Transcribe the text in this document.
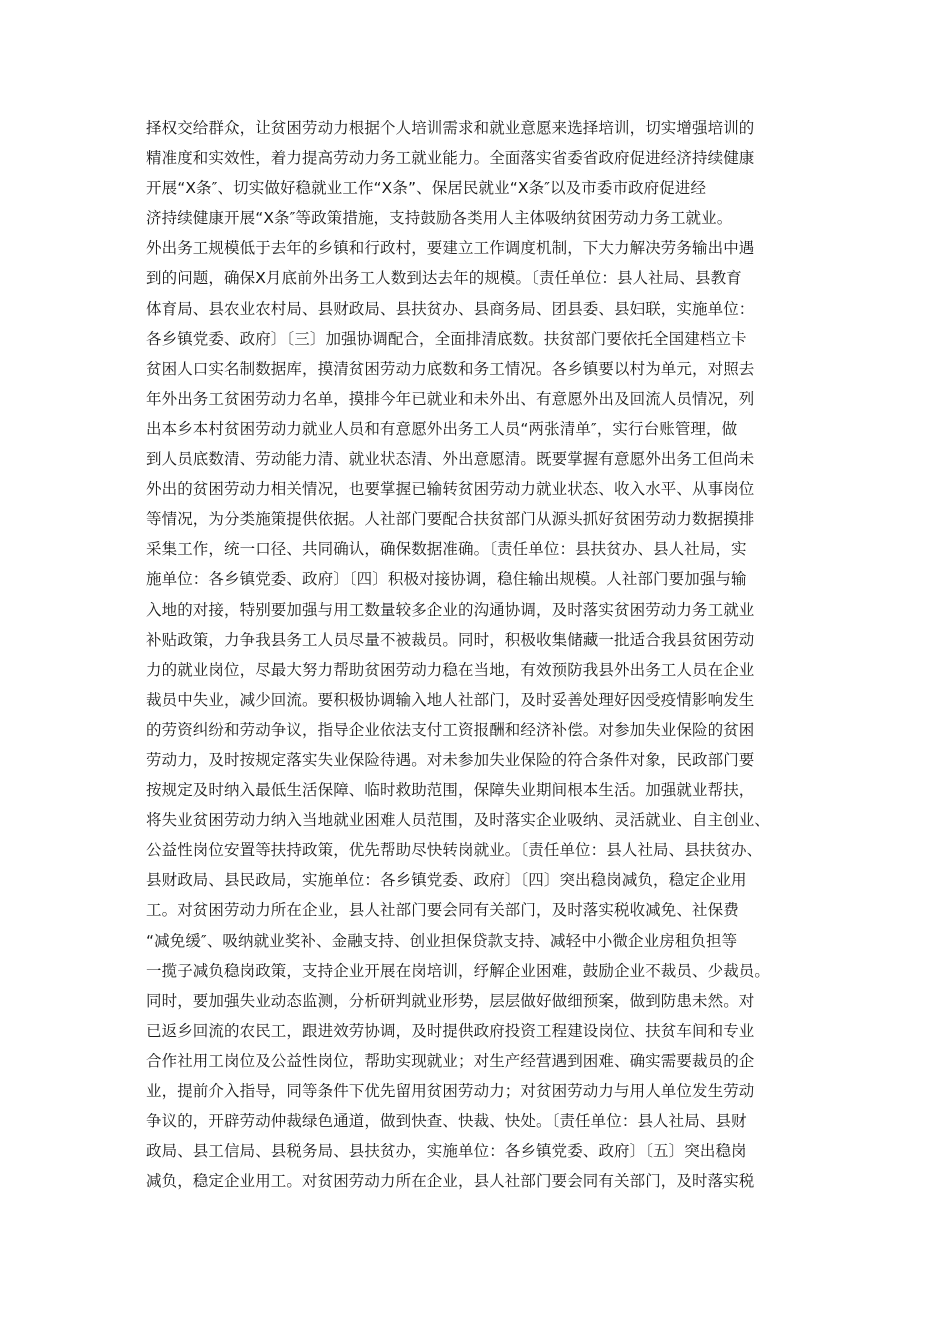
择权交给群众，让贫困劳动力根据个人培训需求和就业意愿来选择培训，切实增强培训的
精准度和实效性，着力提高劳动力务工就业能力。全面落实省委省政府促进经济持续健康
开展“X条″、切实做好稳就业工作“X条”、保居民就业“X条″以及市委市政府促进经
济持续健康开展“X条″等政策措施，支持鼓励各类用人主体吸纳贫困劳动力务工就业。
外出务工规模低于去年的乡镇和行政村，要建立工作调度机制，下大力解决劳务输出中遇
到的问题，确保X月底前外出务工人数到达去年的规模。〔责任单位：县人社局、县教育
体育局、县农业农村局、县财政局、县扶贫办、县商务局、团县委、县妇联，实施单位：
各乡镇党委、政府〕〔三〕加强协调配合，全面排清底数。扶贫部门要依托全国建档立卡
贫困人口实名制数据库，摸清贫困劳动力底数和务工情况。各乡镇要以村为单元，对照去
年外出务工贫困劳动力名单，摸排今年已就业和未外出、有意愿外出及回流人员情况，列
出本乡本村贫困劳动力就业人员和有意愿外出务工人员“两张清单″，实行台账管理，做
到人员底数清、劳动能力清、就业状态清、外出意愿清。既要掌握有意愿外出务工但尚未
外出的贫困劳动力相关情况，也要掌握已输转贫困劳动力就业状态、收入水平、从事岗位
等情况，为分类施策提供依据。人社部门要配合扶贫部门从源头抓好贫困劳动力数据摸排
采集工作，统一口径、共同确认，确保数据准确。〔责任单位：县扶贫办、县人社局，实
施单位：各乡镇党委、政府〕〔四〕积极对接协调，稳住输出规模。人社部门要加强与输
入地的对接，特别要加强与用工数量较多企业的沟通协调，及时落实贫困劳动力务工就业
补贴政策，力争我县务工人员尽量不被裁员。同时，积极收集储藏一批适合我县贫困劳动
力的就业岗位，尽最大努力帮助贫困劳动力稳在当地，有效预防我县外出务工人员在企业
裁员中失业，减少回流。要积极协调输入地人社部门，及时妥善处理好因受疫情影响发生
的劳资纠纷和劳动争议，指导企业依法支付工资报酬和经济补偿。对参加失业保险的贫困
劳动力，及时按规定落实失业保险待遇。对未参加失业保险的符合条件对象，民政部门要
按规定及时纳入最低生活保障、临时救助范围，保障失业期间根本生活。加强就业帮扶，
将失业贫困劳动力纳入当地就业困难人员范围，及时落实企业吸纳、灵活就业、自主创业、
公益性岗位安置等扶持政策，优先帮助尽快转岗就业。〔责任单位：县人社局、县扶贫办、
县财政局、县民政局，实施单位：各乡镇党委、政府〕〔四〕突出稳岗减负，稳定企业用
工。对贫困劳动力所在企业，县人社部门要会同有关部门，及时落实税收减免、社保费
“减免缓″、吸纳就业奖补、金融支持、创业担保贷款支持、减轻中小微企业房租负担等
一揽子减负稳岗政策，支持企业开展在岗培训，纾解企业困难，鼓励企业不裁员、少裁员。
同时，要加强失业动态监测，分析研判就业形势，层层做好做细预案，做到防患未然。对
已返乡回流的农民工，跟进效劳协调，及时提供政府投资工程建设岗位、扶贫车间和专业
合作社用工岗位及公益性岗位，帮助实现就业；对生产经营遇到困难、确实需要裁员的企
业，提前介入指导，同等条件下优先留用贫困劳动力；对贫困劳动力与用人单位发生劳动
争议的，开辟劳动仲裁绿色通道，做到快查、快裁、快处。〔责任单位：县人社局、县财
政局、县工信局、县税务局、县扶贫办，实施单位：各乡镇党委、政府〕〔五〕突出稳岗
减负，稳定企业用工。对贫困劳动力所在企业，县人社部门要会同有关部门，及时落实税
